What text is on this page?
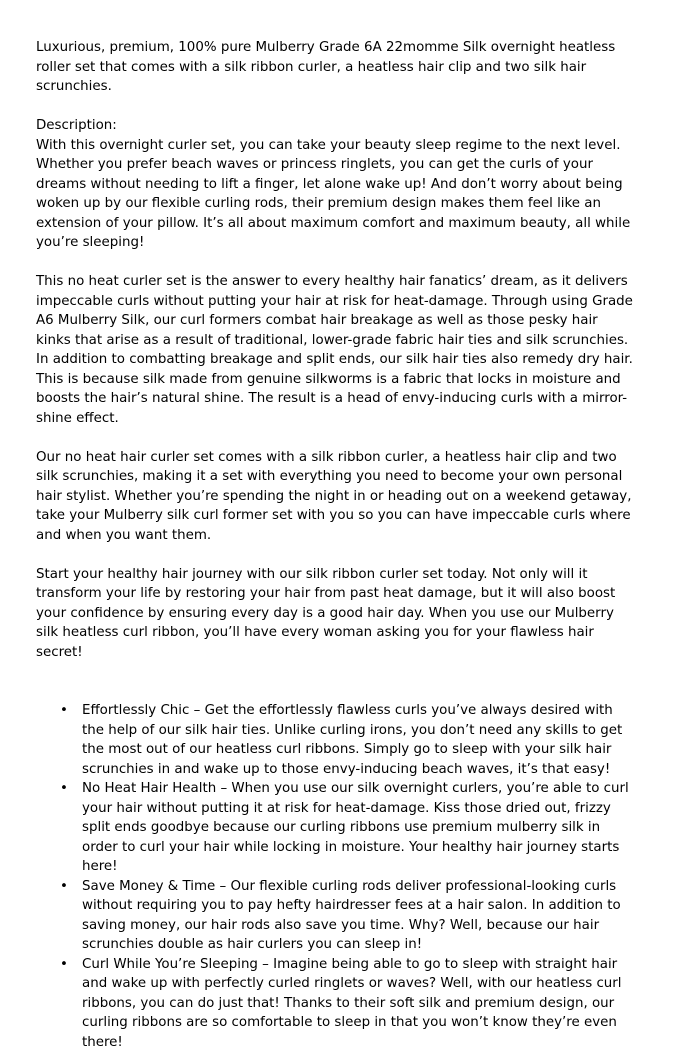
Luxurious, premium, 100% pure Mulberry Grade 6A 22momme Silk overnight heatless roller set that comes with a silk ribbon curler, a heatless hair clip and two silk hair scrunchies.

Description:

With this overnight curler set, you can take your beauty sleep regime to the next level. Whether you prefer beach waves or princess ringlets, you can get the curls of your dreams without needing to lift a finger, let alone wake up! And don’t worry about being woken up by our flexible curling rods, their premium design makes them feel like an extension of your pillow. It’s all about maximum comfort and maximum beauty, all while you’re sleeping!

This no heat curler set is the answer to every healthy hair fanatics’ dream, as it delivers impeccable curls without putting your hair at risk for heat-damage. Through using Grade A6 Mulberry Silk, our curl formers combat hair breakage as well as those pesky hair kinks that arise as a result of traditional, lower-grade fabric hair ties and silk scrunchies. In addition to combatting breakage and split ends, our silk hair ties also remedy dry hair. This is because silk made from genuine silkworms is a fabric that locks in moisture and boosts the hair’s natural shine. The result is a head of envy-inducing curls with a mirror-shine effect.

Our no heat hair curler set comes with a silk ribbon curler, a heatless hair clip and two silk scrunchies, making it a set with everything you need to become your own personal hair stylist. Whether you’re spending the night in or heading out on a weekend getaway, take your Mulberry silk curl former set with you so you can have impeccable curls where and when you want them.

Start your healthy hair journey with our silk ribbon curler set today. Not only will it transform your life by restoring your hair from past heat damage, but it will also boost your confidence by ensuring every day is a good hair day. When you use our Mulberry silk heatless curl ribbon, you’ll have every woman asking you for your flawless hair secret!

• Effortlessly Chic – Get the effortlessly flawless curls you’ve always desired with the help of our silk hair ties. Unlike curling irons, you don’t need any skills to get the most out of our heatless curl ribbons. Simply go to sleep with your silk hair scrunchies in and wake up to those envy-inducing beach waves, it’s that easy!
• No Heat Hair Health – When you use our silk overnight curlers, you’re able to curl your hair without putting it at risk for heat-damage. Kiss those dried out, frizzy split ends goodbye because our curling ribbons use premium mulberry silk in order to curl your hair while locking in moisture. Your healthy hair journey starts here!
• Save Money & Time – Our flexible curling rods deliver professional-looking curls without requiring you to pay hefty hairdresser fees at a hair salon. In addition to saving money, our hair rods also save you time. Why? Well, because our hair scrunchies double as hair curlers you can sleep in!
• Curl While You’re Sleeping – Imagine being able to go to sleep with straight hair and wake up with perfectly curled ringlets or waves? Well, with our heatless curl ribbons, you can do just that! Thanks to their soft silk and premium design, our curling ribbons are so comfortable to sleep in that you won’t know they’re even there!
